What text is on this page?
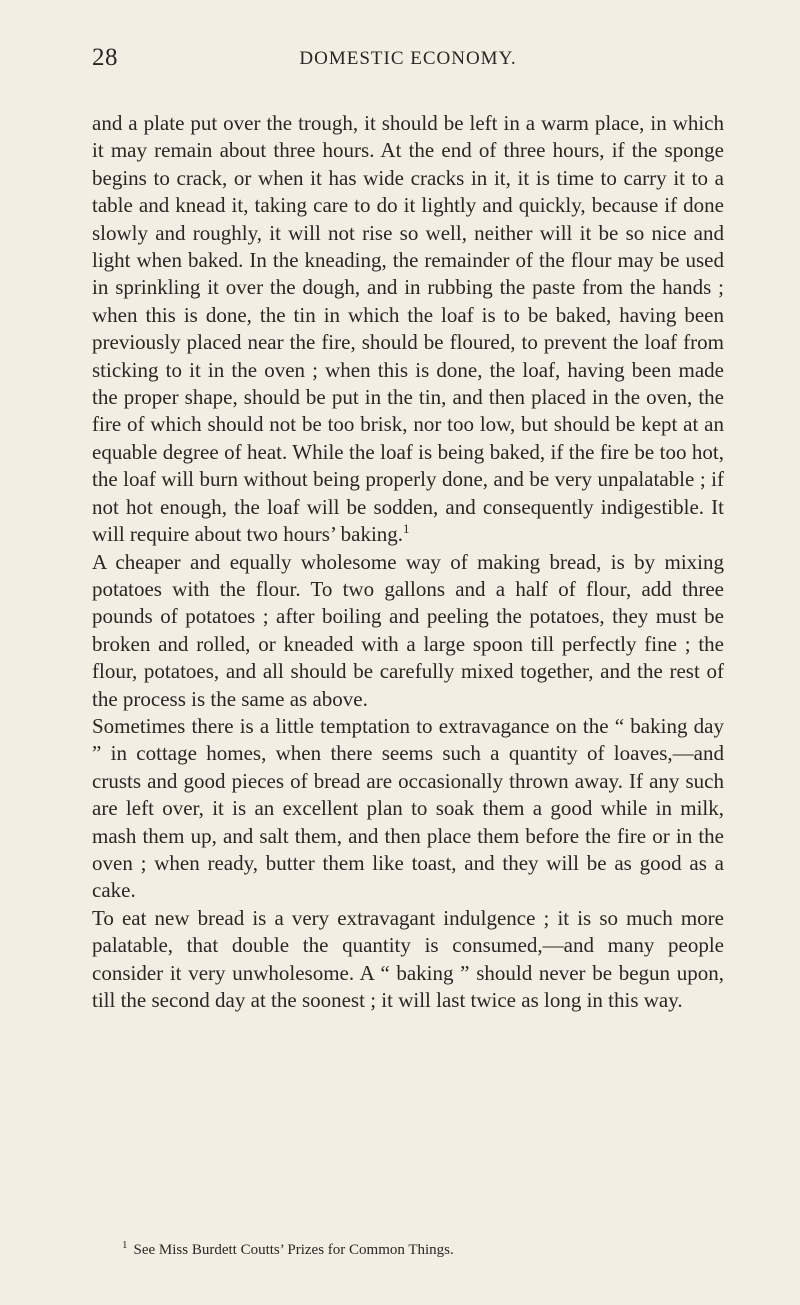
28	DOMESTIC ECONOMY.

and a plate put over the trough, it should be left in a warm place, in which it may remain about three hours. At the end of three hours, if the sponge begins to crack, or when it has wide cracks in it, it is time to carry it to a table and knead it, taking care to do it lightly and quickly, because if done slowly and roughly, it will not rise so well, neither will it be so nice and light when baked. In the kneading, the remainder of the flour may be used in sprinkling it over the dough, and in rubbing the paste from the hands ; when this is done, the tin in which the loaf is to be baked, having been previously placed near the fire, should be floured, to prevent the loaf from sticking to it in the oven ; when this is done, the loaf, having been made the proper shape, should be put in the tin, and then placed in the oven, the fire of which should not be too brisk, nor too low, but should be kept at an equable degree of heat. While the loaf is being baked, if the fire be too hot, the loaf will burn without being properly done, and be very unpalatable ; if not hot enough, the loaf will be sodden, and consequently indigestible. It will require about two hours’ baking.$^1$

A cheaper and equally wholesome way of making bread, is by mixing potatoes with the flour. To two gallons and a half of flour, add three pounds of potatoes ; after boiling and peeling the potatoes, they must be broken and rolled, or kneaded with a large spoon till perfectly fine ; the flour, potatoes, and all should be carefully mixed together, and the rest of the process is the same as above.

Sometimes there is a little temptation to extravagance on the “ baking day ” in cottage homes, when there seems such a quantity of loaves,—and crusts and good pieces of bread are occasionally thrown away. If any such are left over, it is an excellent plan to soak them a good while in milk, mash them up, and salt them, and then place them before the fire or in the oven ; when ready, butter them like toast, and they will be as good as a cake.

To eat new bread is a very extravagant indulgence ; it is so much more palatable, that double the quantity is consumed,—and many people consider it very unwholesome. A “ baking ” should never be begun upon, till the second day at the soonest ; it will last twice as long in this way.

$^1$ See Miss Burdett Coutts’ Prizes for Common Things.
